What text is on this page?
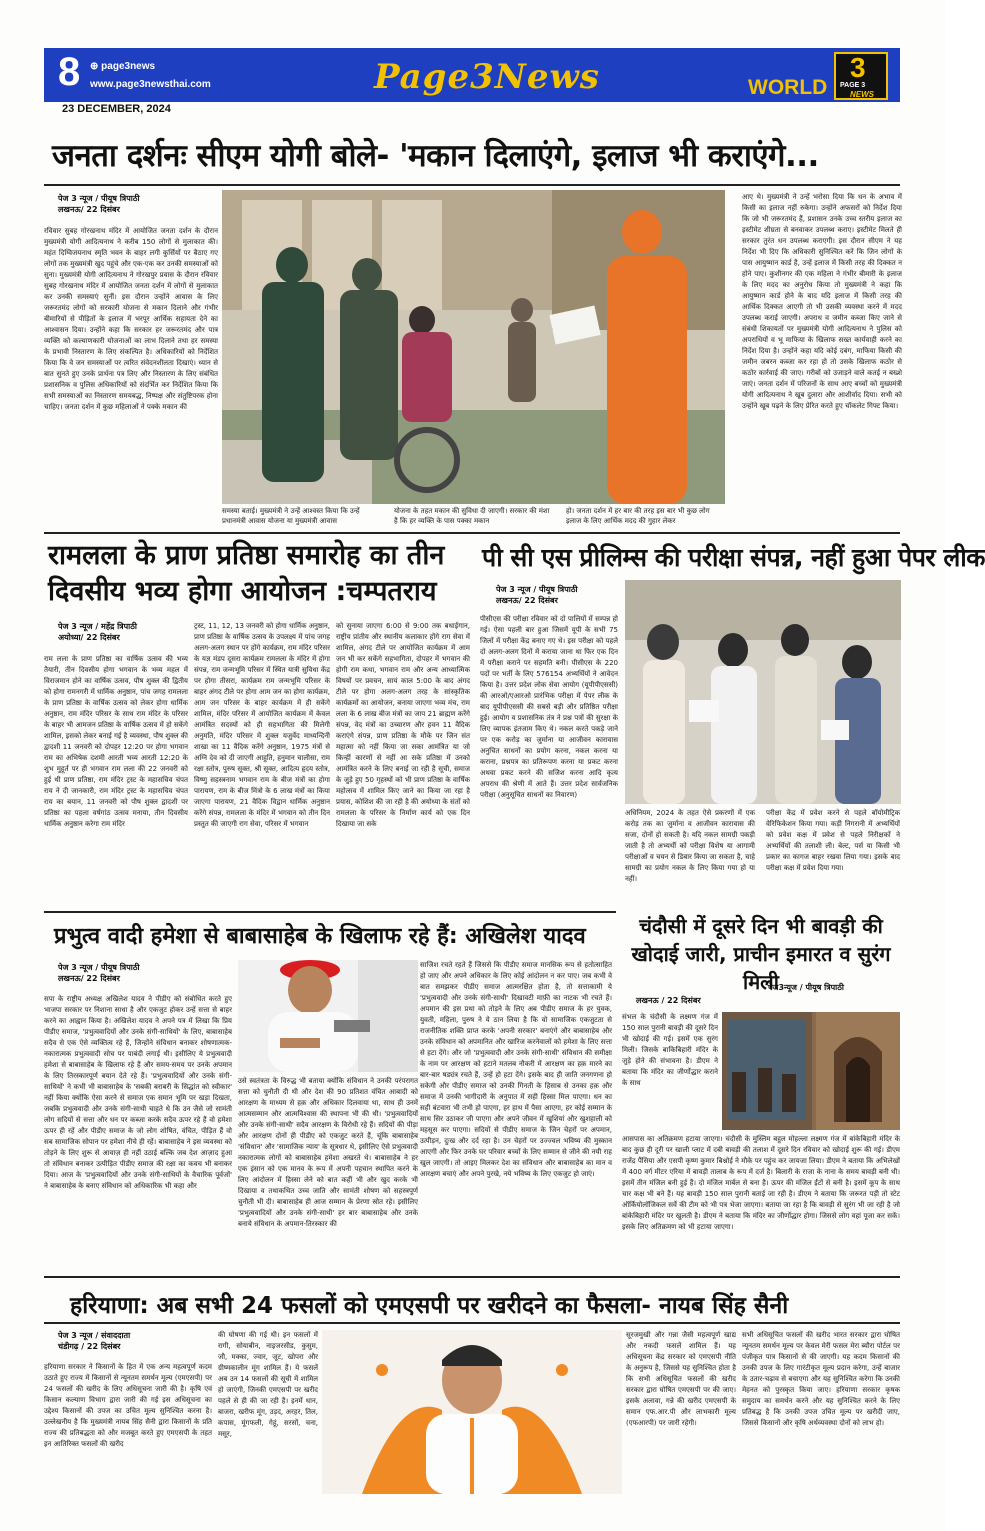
8 ⊕ page3news
www.page3newsthai.com	Page3News	WORLD
3
PAGE 3
NEWS
23 DECEMBER, 2024
जनता दर्शनः सीएम योगी बोले- 'मकान दिलाएंगे, इलाज भी कराएंगे...
पेज 3 न्यूज / पीयूष त्रिपाठी
लखनऊ/ 22 दिसंबर
रविवार सुबह गोरखनाथ मंदिर में आयोजित जनता दर्शन के दौरान मुख्यमंत्री योगी आदित्यनाथ ने करीब 150 लोगों से मुलाकात की। महंत दिग्विजयनाथ स्मृति भवन के बाहर लगी कुर्सियों पर बैठाए गए लोगों तक मुख्यमंत्री खुद पहुंचे और एक-एक कर उनकी समस्याओं को सुना। मुख्यमंत्री योगी आदित्यनाथ ने गोरखपुर प्रवास के दौरान रविवार सुबह गोरखनाथ मंदिर में आयोजित जनता दर्शन में लोगों से मुलाकात कर उनकी समस्याएं सुनीं। इस दौरान उन्होंने आवास के लिए जरूरतमंद लोगों को सरकारी योजना से मकान दिलाने और गंभीर बीमारियों से पीड़ितों के इलाज में भरपूर आर्थिक सहायता देने का आश्वासन दिया। उन्होंने कहा कि सरकार हर जरूरतमंद और पात्र व्यक्ति को कल्याणकारी योजनाओं का लाभ दिलाने तथा हर समस्या के प्रभावी निस्तारण के लिए संकल्पित है। अधिकारियों को निर्देशित किया कि वे जन समस्याओं पर त्वरित संवेदनशीलता दिखाएं। ध्यान से बात सुनते हुए उनके प्रार्थना पत्र लिए और निस्तारण के लिए संबंधित प्रशासनिक व पुलिस अधिकारियों को संदर्भित कर निर्देशित किया कि सभी समस्याओं का निस्तारण समयबद्ध, निष्पक्ष और संतुष्टिपरक होना चाहिए। जनता दर्शन में कुछ महिलाओं ने पक्के मकान की
समस्या बताई। मुख्यमंत्री ने उन्हें आश्वस्त किया कि उन्हें प्रधानमंत्री आवास योजना या मुख्यमंत्री आवास
योजना के तहत मकान की सुविधा दी जाएगी। सरकार की मंशा है कि हर व्यक्ति के पास पक्का मकान
हो। जनता दर्शन में हर बार की तरह इस बार भी कुछ लोग इलाज के लिए आर्थिक मदद की गुहार लेकर
आए थे। मुख्यमंत्री ने उन्हें भरोसा दिया कि धन के अभाव में किसी का इलाज नहीं रुकेगा। उन्होंने अफसरों को निर्देश दिया कि जो भी जरूरतमंद हैं, प्रशासन उनके उच्च स्तरीय इलाज का इस्टीमेट शीघ्रता से बनवाकर उपलब्ध कराए। इस्टीमेट मिलते ही सरकार तुरंत धन उपलब्ध कराएगी। इस दौरान सीएम ने यह निर्देश भी दिए कि अधिकारी सुनिश्चित करें कि जिन लोगों के पास आयुष्मान कार्ड है, उन्हें इलाज में किसी तरह की दिक्कत न होने पाए। कुशीनगर की एक महिला ने गंभीर बीमारी के इलाज के लिए मदद का अनुरोध किया तो मुख्यमंत्री ने कहा कि आयुष्मान कार्ड होने के बाद यदि इलाज में किसी तरह की आर्थिक दिक्कत आएगी तो भी उसकी व्यवस्था करने में मदद उपलब्ध कराई जाएगी। अपराध व जमीन कब्जा किए जाने से संबंधी शिकायतों पर मुख्यमंत्री योगी आदित्यनाथ ने पुलिस को अपराधियों व भू माफिया के खिलाफ सख्त कार्यवाही करने का निर्देश दिया है। उन्होंने कहा यदि कोई दबंग, माफिया किसी की जमीन जबरन कब्जा कर रहा हो तो उसके खिलाफ कठोर से कठोर कार्रवाई की जाए। गरीबों को उजाड़ने वाले कतई न बख्शे जाएं। जनता दर्शन में परिजनों के साथ आए बच्चों को मुख्यमंत्री योगी आदित्यनाथ ने खूब दुलारा और आशीर्वाद दिया। सभी को उन्होंने खूब पढ़ने के लिए प्रेरित करते हुए चॉकलेट गिफ्ट किया।
रामलला के प्राण प्रतिष्ठा समारोह का तीन दिवसीय भव्य होगा आयोजन :चम्पतराय
पेज 3 न्यूज / महेंद्र त्रिपाठी
अयोध्या/ 22 दिसंबर
राम लला के प्राण प्रतिष्ठा का वार्षिक उत्सव की भव्य तैयारी, तीन दिवसीय होगा भगवान के भव्य महल में विराजमान होने का वार्षिक उत्सव, पौष शुक्ल की द्वितीय को होगा रामनगरी में धार्मिक अनुष्ठान, पांच जगह रामलला के प्राण प्रतिष्ठा के वार्षिक उत्सव को लेकर होगा धार्मिक अनुष्ठान, राम मंदिर परिसर के साथ राम मंदिर के परिसर के बाहर भी आमजन प्रतिष्ठा के वार्षिक उत्सव में हो सकेंगे शामिल, इसको लेकर बनाई गई है व्यवस्था, पौष शुक्ल की द्वादशी 11 जनवरी को दोपहर 12:20 पर होगा भगवान राम का अभिषेक दशमी आरती भव्य आरती 12:20 के शुभ मुहूर्त पर ही भगवान राम लला की 22 जनवरी को हुई थी प्राण प्रतिष्ठा, राम मंदिर ट्रस्ट के महासचिव चंपत राय ने दी जानकारी, राम मंदिर ट्रस्ट के महासचिव चंपत राय का बयान, 11 जनवरी को पौष शुक्ल द्वादशी पर प्रतिष्ठा का पहला वर्षगांठ उत्सव मनाया, तीन दिवसीय धार्मिक अनुष्ठान करेगा राम मंदिर
ट्रस्ट, 11, 12, 13 जनवरी को होगा धार्मिक अनुष्ठान, प्राण प्रतिष्ठा के वार्षिक उत्सव के उपलक्ष्य में पांच जगह अलग-अलग स्थान पर होंगे कार्यक्रम, राम मंदिर परिसर के यज्ञ मंडप दूसरा कार्यक्रम रामलला के मंदिर में होगा संपन्न, राम जन्मभूमि परिसर में स्थित यात्री सुविधा केंद्र पर होगा तीसरा, कार्यक्रम राम जन्मभूमि परिसर के बाहर अंगद टीले पर होगा आम जन का होगा कार्यक्रम, आम जन परिसर के बाहर कार्यक्रम में ही सकेंगे शामिल, मंदिर परिसर में आयोजित कार्यक्रम में केवल आमंत्रित सदस्यों को ही सहभागिता की मिलेगी अनुमति, मंदिर परिसर में शुक्ल यजुर्वेद माध्यन्दिनी शाखा का 11 वैदिक करेंगे अनुष्ठान, 1975 मंत्रों से अग्नि देव को दी जाएगी आहुति, हनुमान चालीसा, राम रक्षा स्तोत्र, पुरुष सूक्त, श्री सूक्त, आदित्य हृदय स्तोत्र, विष्णु सहस्त्रनाम भगवान राम के बीज मंत्रों का होगा पारायण, राम के बीज मिंत्रो के 6 लाख मंत्रों का किया जाएगा पारायण, 21 वैदिक विद्वान धार्मिक अनुष्ठान करेंगे संपन्न, रामलला के मंदिर में भगवान को तीन दिन प्रस्तुत की जाएगी राग सेवा, परिसर में भगवान
को सुनाया जाएगा 6:00 से 9:00 तक बधाईगान, राष्ट्रीय प्रांतीय और स्थानीय कलाकार होंगे राग सेवा में शामिल, अंगद टीले पर आयोजित कार्यक्रम में आम जन भी कर सकेंगे सहभागिता, दोपहर में भगवान की होगी राम कथा, भगवान राम और अन्य आध्यात्मिक विषयों पर प्रवचन, सायं काल 5:00 के बाद अंगद टीले पर होगा अलग-अलग तरह के सांस्कृतिक कार्यक्रमों का आयोजन, बनाया जाएगा भव्य मंच, राम लला के 6 लाख बीज मंत्रों का जाप 21 ब्राह्मण करेंगे संपन्न, वेद मंत्रों का उच्चारण और हवन 11 वैदिक कराएंगे संपन्न, प्राण प्रतिष्ठा के मौके पर जिन संत महात्मा को नहीं किया जा सका आमंत्रित या जो किन्हीं कारणों से नहीं आ सके प्रतिष्ठा में उनको आमंत्रित करने के लिए बनाई जा रही है सूची, समाज के जुड़े हुए 50 गृहस्थों को भी प्राण प्रतिष्ठा के वार्षिक महोत्सव में शामिल किए जाने का किया जा रहा है प्रयास, कोशिश की जा रही है की अयोध्या के संतों को रामलला के परिसर के निर्माण कार्य को एक दिन दिखाया जा सके
पी सी एस प्रीलिम्स की परीक्षा संपन्न, नहीं हुआ पेपर लीक
पेज 3 न्यूज / पीयूष त्रिपाठी
लखनऊ/ 22 दिसंबर
पीसीएस की परीक्षा रविवार को दो पालियों में सम्पन्न हो गई। ऐसा पहली बार हुआ जिसमें यूपी के सभी 75 जिलों में परीक्षा केंद्र बनाए गए थे। इस परीक्षा को पहले दो अलग-अलग दिनों में कराया जाना था फिर एक दिन में परीक्षा कराने पर सहमति बनी। पीसीएस के 220 पदों पर भर्ती के लिए 576154 अभ्यर्थियों ने आवेदन किया है। उत्तर प्रदेश लोक सेवा आयोग (यूपीपीएससी) की आरओ/एआरओ प्रारंभिक परीक्षा में पेपर लीक के बाद यूपीपीएससी की सबसे बड़ी और प्रतिष्ठित परीक्षा हुई। आयोग व प्रशासनिक तंत्र ने प्रश्न पत्रों की सुरक्षा के लिए व्यापक इंतजाम किए थे। नकल करते पकड़े जाने पर एक करोड़ का जुर्माना या आजीवन कारावास अनुचित साधनों का प्रयोग करना, नकल करना या कराना, प्रश्नपत्र का प्रतिरूपण करना या प्रकट करना अथवा प्रकट करने की सजिश करना आदि कृत्य अपराध की श्रेणी में आते हैं। उत्तर प्रदेश सार्वजनिक परीक्षा (अनुसूचित साधनों का निवारण)
अधिनियम, 2024 के तहत ऐसे प्रकरणों में एक करोड़ तक का जुर्माना व आजीवन कारावास की सजा, दोनों हो सकती है। यदि नकल सामग्री पकड़ी जाती है तो अभ्यर्थी को परीक्षा विशेष या आगामी परीक्षाओं व चयन से डिबार किया जा सकता है, चाहे सामग्री का प्रयोग नकल के लिए किया गया हो या नहीं।
परीक्षा केंद्र में प्रवेश करने से पहले बॉयोमीट्रिक वेरिफिकेशन किया गया। कड़ी निगरानी में अभ्यर्थियों को प्रवेश कक्ष में प्रवेश से पहले निरीक्षकों ने अभ्यर्थियों की तलाशी ली। बेल्ट, पर्स या किसी भी प्रकार का कागज बाहर रखवा लिया गया। इसके बाद परीक्षा कक्ष में प्रवेश दिया गया।
प्रभुत्व वादी हमेशा से बाबासाहेब के खिलाफ रहे हैं: अखिलेश यादव
पेज 3 न्यूज / पीयूष त्रिपाठी
लखनऊ/ 22 दिसंबर
सपा के राष्ट्रीय अध्यक्ष अखिलेश यादव ने पीडीए को संबोधित करते हुए भाजपा सरकार पर निशाना साधा है और एकजुट होकर उन्हें सत्ता से बाहर करने का आह्वान किया है। अखिलेश यादव ने अपने पत्र में लिखा कि प्रिय पीडीए समाज, 'प्रभुत्ववादियों और उनके संगी-साथियों' के लिए, बाबासाहेब सदैव से एक ऐसे व्यक्तित्व रहे हैं, जिन्होंने संविधान बनाकर शोषणात्मक-नकारात्मक प्रभुत्ववादी सोच पर पाबंदी लगाई थी। इसीलिए ये प्रभुत्ववादी हमेशा से बाबासाहेब के खिलाफ रहे हैं और समय-समय पर उनके अपमान के लिए तिरस्कारपूर्ण बयान देते रहे हैं। 'प्रभुत्ववादियों और उनके संगी-साथियों' ने कभी भी बाबासाहेब के 'सबकी बराबरी के सिद्धांत को स्वीकार' नहीं किया क्योंकि ऐसा करने से समाज एक समान भूमि पर खड़ा दिखता, जबकि प्रभुत्ववादी और उनके संगी-साथी चाहते थे कि उन जैसे जो सामंती लोग सदियों से सत्ता और धन पर कब्जा करके सदैव ऊपर रहे हैं वो हमेशा ऊपर ही रहें और पीडीए समाज के जो लोग शोषित, वंचित, पीड़ित हैं वो सब सामाजिक सोपान पर हमेशा नीचे ही रहें। बाबासाहेब ने इस व्यवस्था को तोड़ने के लिए शुरू से आवाज़ ही नहीं उठाई बल्कि जब देश आज़ाद हुआ तो संविधान बनाकर उत्पीड़ित पीडीए समाज की रक्षा का कवच भी बनाकर दिया। आज के 'प्रभुत्ववादियों और उनके संगी-साथियों के वैचारिक पूर्वजों' ने बाबासाहेब के बनाए संविधान को अधिकारिक भी कहा और
उसे स्वतंत्रता के विरुद्ध भी बताया क्योंकि संविधान ने उनकी परंपरागत सत्ता को चुनौती दी थी और देश की 90 प्रतिशत वंचित आबादी को आरक्षण के माध्यम से हक़ और अधिकार दिलवाया था, साथ ही उनमें आत्मसम्मान और आत्मविश्वास की स्थापना भी की थी। 'प्रभुत्ववादियों और उनके संगी-साथी' सदैव आरक्षण के विरोधी रहे हैं। सदियों की पीड़ा और आरक्षण दोनों ही पीडीए को एकजुट करते हैं, चूंकि बाबासाहेब 'संविधान' और 'सामाजिक न्याय' के सूत्रधार थे, इसीलिए ऐसे प्रभुत्ववादी नकारात्मक लोगों को बाबासाहेब हमेशा अखरते थे। बाबासाहेब ने हर एक इंसान को एक मानव के रूप में अपनी पहचान स्थापित करने के लिए आंदोलन में हिस्सा लेने को बात कहीं भी और खुद करके भी दिखाया व तथाकथित उच्च जाति और सामंती शोषण को सहस्त्रपूर्ण चुनौती भी दी। बाबासाहेब ही आज सम्मान के प्रेरणा स्रोत रहे। इसीलिए 'प्रभुत्ववादियों और उनके संगी-साथी' हर बार बाबासाहेब और उनके बनाये संविधान के अपमान-तिरस्कार की
साजिश रचते रहते हैं जिससे कि पीडीए समाज मानसिक रूप से हतोत्साहित हो जाए और अपने अधिकार के लिए कोई आंदोलन न कर पाए। जब कभी वे बात समझकर पीडीए समाज आत्मरक्षित होता है, तो सत्ताकामी ये 'प्रभुत्ववादी और उनके संगी-साथी' दिखावटी माफ़ी का नाटक भी रचते हैं। अपमान की इस प्रथा को तोड़ने के लिए अब पीडीए समाज के हर युवक, युवती, महिला, पुरुष ने ये ठान लिया है कि वो सामाजिक एकजुटता से राजनीतिक शक्ति प्राप्त करके 'अपनी सरकार' बनाएंगे और बाबासाहेब और उनके संविधान को अपमानित और खारिज करनेवालों को हमेशा के लिए सत्ता से हटा देंगे। और जो 'प्रभुत्ववादी और उनके संगी-साथी' संविधान की समीक्षा के नाम पर आरक्षण को हटाने मतलब नौकरी में आरक्षण का हक़ मारने का बार-बार षड्यंत्र रचते हैं, उन्हें हो हटा देंगे। इसके बाद ही जाति जनगणना हो सकेगी और पीडीए समाज को उनकी गिनती के हिसाब से उनका हक़ और समाज में उनकी भागीदारी के अनुपात में सही हिस्सा मिल पाएगा। धन का सही बंटवारा भी तभी हो पाएगा, हर हाथ में पैसा आएगा, हर कोई सम्मान के साथ सिर उठाकर जी पाएगा और अपने जीवन में खुशियां और खुशहाली को महसूस कर पाएगा। सदियों से पीडीए समाज के जिन चेहरों पर अपमान, उत्पीड़न, दुःख और दर्द रहा है। उन चेहरों पर उज्ज्वल भविष्य की मुस्कान आएगी और फिर उनके घर परिवार बच्चों के लिए सम्मान से जीने की नयी राह खुल जाएगी। तो आइए मिलकर देश का संविधान और बाबासाहेब का मान व आरक्षण बचाएं और अपने पुरखे, नये भविष्य के लिए एकजुट हो जाएं।
चंदौसी में दूसरे दिन भी बावड़ी की खोदाई जारी, प्राचीन इमारत व सुरंग मिली
पेज3न्यूज / पीयूष त्रिपाठी
लखनऊ / 22 दिसंबर
संभल के चंदौसी के लक्ष्मण गंज में 150 साल पुरानी बावड़ी की दूसरे दिन भी खोदाई की गई। इसमें एक सुरंग मिली। जिसके बाकिबिहारी मंदिर के जुड़े होने की संभावना है। डीएम ने बताया कि मंदिर का जीर्णोद्धार कराने के साथ
आसपास का अतिक्रमण हटाया जाएगा। चंदौसी के मुस्लिम बहुल मोहल्ला लक्ष्मण गंज में बांकेबिहारी मंदिर के बाद कुछ ही दूरी पर खाली प्लाट में दबी बावड़ी की तलाश में दूसरे दिन रविवार को खोदाई शुरू की गई। डीएम राजेंद्र पैंसिया और एसपी कृष्ण कुमार बिश्नोई ने मौके पर पहुंच कर जायजा लिया। डीएम ने बताया कि अभिलेखों में 400 वर्ग मीटर एरिया में बावड़ी तालाब के रूप में दर्ज है। बिलारी के राजा के नाना के समय बावड़ी बनी थी। इसमें तीन मंजिल बनी हुई हैं। दो मंजिल मार्बल से बना है। ऊपर की मंजिल ईंटों से बनी है। इसमें कूप के साथ चार कक्ष भी बने हैं। यह बावड़ी 150 साल पुरानी बताई जा रही है। डीएम ने बताया कि जरूरत पड़ी तो स्टेट ऑर्कियोलॉजिकल सर्वे की टीम को भी पत्र भेजा जाएगा। बताया जा रहा है कि बावड़ी से सुरंग भी जा रही है जो बांकेबिहारी मंदिर पर खुलती है। डीएम ने बताया कि मंदिर का जीर्णोद्धार होगा। जिससे लोग वहां पूजा कर सकें। इसके लिए अतिक्रमण को भी हटाया जाएगा।
हरियाणा: अब सभी 24 फसलों को एमएसपी पर खरीदने का फैसला- नायब सिंह सैनी
पेज 3 न्यूज / संवाददाता
चंडीगढ़ / 22 दिसंबर
हरियाणा सरकार ने किसानों के हित में एक अन्य महत्वपूर्ण कदम उठाते हुए राज्य में किसानों से न्यूनतम समर्थन मूल्य (एमएसपी) पर 24 फसलों की खरीद के लिए अधिसूचना जारी की है। कृषि एवं किसान कल्याण विभाग द्वारा जारी की गई इस अधिसूचना का उद्देश्य किसानों की उपज का उचित मूल्य सुनिश्चित करना है। उल्लेखनीय है कि मुख्यमंत्री नायब सिंह सैनी द्वारा किसानों के प्रति राज्य की प्रतिबद्धता को और मजबूत करते हुए एमएसपी के तहत इन आतिरिक्त फसलों की खरीद
की घोषणा की गई थी। इन फसलों में रागी, सोयाबीन, नाइजरसीड, कुसुम, जौ, मक्का, ज्वार, जूट, खोपरा और ग्रीष्मकालीन मूंग शामिल हैं। ये फसलें अब उन 14 फसलों की सूची में शामिल हो जाएंगी, जिनकी एमएसपी पर खरीद पहले से ही की जा रही है। इनमें धान, बाजरा, खरीफ मूंग, उड़द, अरहर, तिल, कपास, मूंगफली, गेहूं, सरसों, चना, मसूर,
सूरजमुखी और गन्ना जैसी महत्वपूर्ण खाद्य और नकदी फसलें शामिल हैं। यह अधिसूचना केंद्र सरकार को एमएसपी नीति के अनुरूप है, जिससे यह सुनिश्चित होता है कि सभी अधिसूचित फसलों की खरीद सरकार द्वारा घोषित एमएसपी पर की जाए। इसके अलावा, गन्ने की खरीद एमएसपी के समान एफ.आर.पी और लाभकारी मूल्य (एफआरपी) पर जारी रहेगी।
सभी अधिसूचित फसलों की खरीद भारत सरकार द्वारा घोषित न्यूनतम समर्थन मूल्य पर केवल मेरी फसल मेरा ब्यौरा पोर्टल पर पंजीकृत पात्र किसानों से की जाएगी। यह कदम किसानों की उनकी उपज के लिए गारंटीकृत मूल्य प्रदान करेगा, उन्हें बाजार के उतार-चढ़ाव से बचाएगा और यह सुनिश्चित करेगा कि उनकी मेहनत को पुरस्कृत किया जाए। हरियाणा सरकार कृषक समुदाय का समर्थन करने और यह सुनिश्चित करने के लिए प्रतिबद्ध है कि उनकी उपज उचित मूल्य पर खरीदी जाए, जिससे किसानों और कृषि अर्थव्यवस्था दोनों को लाभ हो।
